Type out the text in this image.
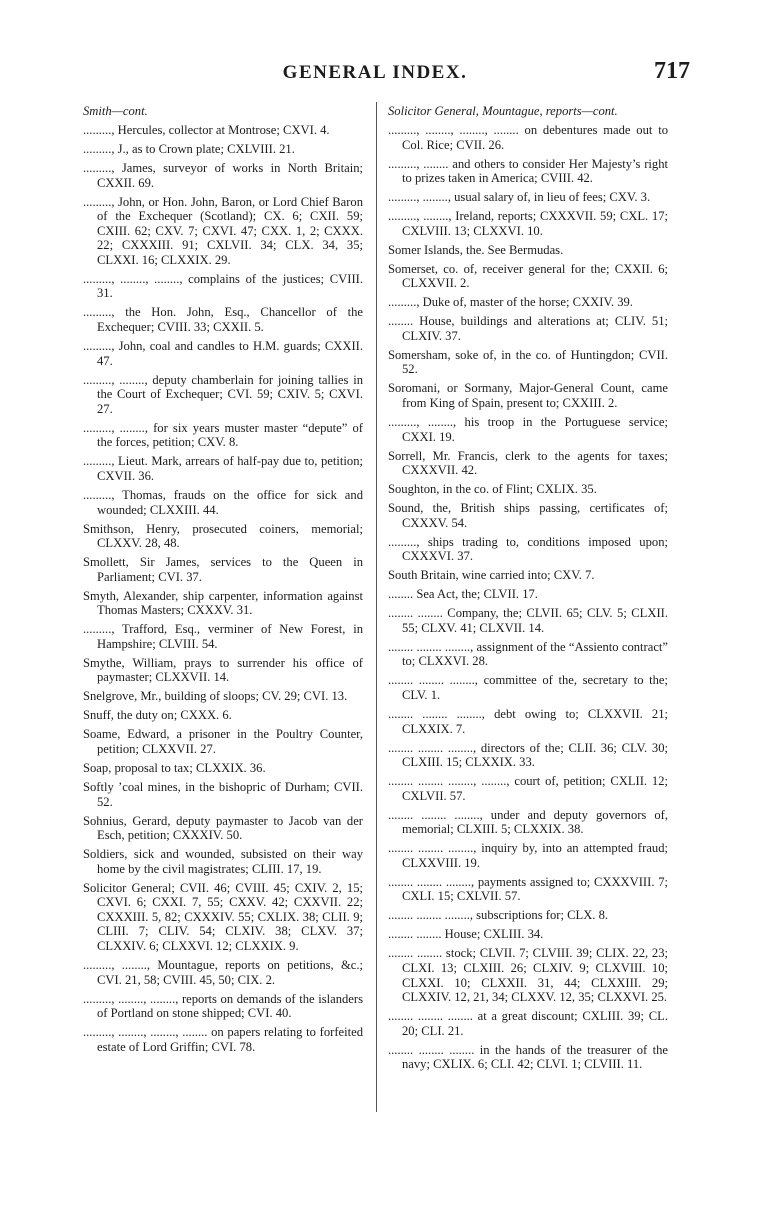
GENERAL INDEX.	717
Smith—cont.
........., Hercules, collector at Montrose; CXVI. 4.
........., J., as to Crown plate; CXLVIII. 21.
........., James, surveyor of works in North Britain; CXXII. 69.
........., John, or Hon. John, Baron, or Lord Chief Baron of the Exchequer (Scotland); CX. 6; CXII. 59; CXIII. 62; CXV. 7; CXVI. 47; CXX. 1, 2; CXXX. 22; CXXXIII. 91; CXLVII. 34; CLX. 34, 35; CLXXI. 16; CLXXIX. 29.
........., ........, ........, complains of the justices; CVIII. 31.
........., the Hon. John, Esq., Chancellor of the Exchequer; CVIII. 33; CXXII. 5.
........., John, coal and candles to H.M. guards; CXXII. 47.
........., ........, deputy chamberlain for joining tallies in the Court of Exchequer; CVI. 59; CXIV. 5; CXVI. 27.
........., ........, for six years muster master “depute” of the forces, petition; CXV. 8.
........., Lieut. Mark, arrears of half-pay due to, petition; CXVII. 36.
........., Thomas, frauds on the office for sick and wounded; CLXXIII. 44.
Smithson, Henry, prosecuted coiners, memorial; CLXXV. 28, 48.
Smollett, Sir James, services to the Queen in Parliament; CVI. 37.
Smyth, Alexander, ship carpenter, information against Thomas Masters; CXXXV. 31.
........., Trafford, Esq., verminer of New Forest, in Hampshire; CLVIII. 54.
Smythe, William, prays to surrender his office of paymaster; CLXXVII. 14.
Snelgrove, Mr., building of sloops; CV. 29; CVI. 13.
Snuff, the duty on; CXXX. 6.
Soame, Edward, a prisoner in the Poultry Counter, petition; CLXXVII. 27.
Soap, proposal to tax; CLXXIX. 36.
Softly ’coal mines, in the bishopric of Durham; CVII. 52.
Sohnius, Gerard, deputy paymaster to Jacob van der Esch, petition; CXXXIV. 50.
Soldiers, sick and wounded, subsisted on their way home by the civil magistrates; CLIII. 17, 19.
Solicitor General; CVII. 46; CVIII. 45; CXIV. 2, 15; CXVI. 6; CXXI. 7, 55; CXXV. 42; CXXVII. 22; CXXXIII. 5, 82; CXXXIV. 55; CXLIX. 38; CLII. 9; CLIII. 7; CLIV. 54; CLXIV. 38; CLXV. 37; CLXXIV. 6; CLXXVI. 12; CLXXIX. 9.
........., ........, Mountague, reports on petitions, &c.; CVI. 21, 58; CVIII. 45, 50; CIX. 2.
........., ........, ........, reports on demands of the islanders of Portland on stone shipped; CVI. 40.
........., ........, ........, ........ on papers relating to forfeited estate of Lord Griffin; CVI. 78.
Solicitor General, Mountague, reports—cont.
........., ........, ........, ........ on debentures made out to Col. Rice; CVII. 26.
........., ........ and others to consider Her Majesty’s right to prizes taken in America; CVIII. 42.
........., ........, usual salary of, in lieu of fees; CXV. 3.
........., ........, Ireland, reports; CXXXVII. 59; CXL. 17; CXLVIII. 13; CLXXVI. 10.
Somer Islands, the. See Bermudas.
Somerset, co. of, receiver general for the; CXXII. 6; CLXXVII. 2.
........., Duke of, master of the horse; CXXIV. 39.
........ House, buildings and alterations at; CLIV. 51; CLXIV. 37.
Somersham, soke of, in the co. of Huntingdon; CVII. 52.
Soromani, or Sormany, Major-General Count, came from King of Spain, present to; CXXIII. 2.
........., ........, his troop in the Portuguese service; CXXI. 19.
Sorrell, Mr. Francis, clerk to the agents for taxes; CXXXVII. 42.
Soughton, in the co. of Flint; CXLIX. 35.
Sound, the, British ships passing, certificates of; CXXXV. 54.
........., ships trading to, conditions imposed upon; CXXXVI. 37.
South Britain, wine carried into; CXV. 7.
........ Sea Act, the; CLVII. 17.
........ ........ Company, the; CLVII. 65; CLV. 5; CLXII. 55; CLXV. 41; CLXVII. 14.
........ ........ ........, assignment of the “Assiento contract” to; CLXXVI. 28.
........ ........ ........, committee of the, secretary to the; CLV. 1.
........ ........ ........, debt owing to; CLXXVII. 21; CLXXIX. 7.
........ ........ ........, directors of the; CLII. 36; CLV. 30; CLXIII. 15; CLXXIX. 33.
........ ........ ........, ........, court of, petition; CXLII. 12; CXLVII. 57.
........ ........ ........, under and deputy governors of, memorial; CLXIII. 5; CLXXIX. 38.
........ ........ ........, inquiry by, into an attempted fraud; CLXXVIII. 19.
........ ........ ........, payments assigned to; CXXXVIII. 7; CXLI. 15; CXLVII. 57.
........ ........ ........, subscriptions for; CLX. 8.
........ ........ House; CXLIII. 34.
........ ........ stock; CLVII. 7; CLVIII. 39; CLIX. 22, 23; CLXI. 13; CLXIII. 26; CLXIV. 9; CLXVIII. 10; CLXXI. 10; CLXXII. 31, 44; CLXXIII. 29; CLXXIV. 12, 21, 34; CLXXV. 12, 35; CLXXVI. 25.
........ ........ ........ at a great discount; CXLIII. 39; CL. 20; CLI. 21.
........ ........ ........ in the hands of the treasurer of the navy; CXLIX. 6; CLI. 42; CLVI. 1; CLVIII. 11.
